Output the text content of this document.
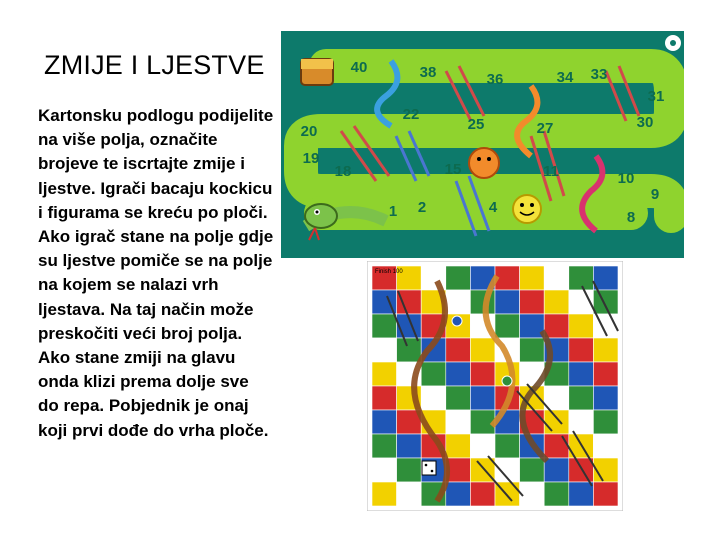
ZMIJE I LJESTVE

Kartonsku podlogu podijelite na više polja, označite brojeve te iscrtajte zmije i ljestve. Igrači bacaju kockicu i figurama se kreću po ploči. Ako igrač stane na polje gdje su ljestve pomiče se na polje na kojem se nalazi vrh ljestava. Na taj način može preskočiti veći broj polja. Ako stane zmiji na glavu onda klizi prema dolje sve do repa. Pobjednik je onaj koji prvi dođe do vrha ploče.

40	38	36	34 33
31
30
27
25
22
20
19
18	15	11	10
9
8
4
2
1
Finish 100
